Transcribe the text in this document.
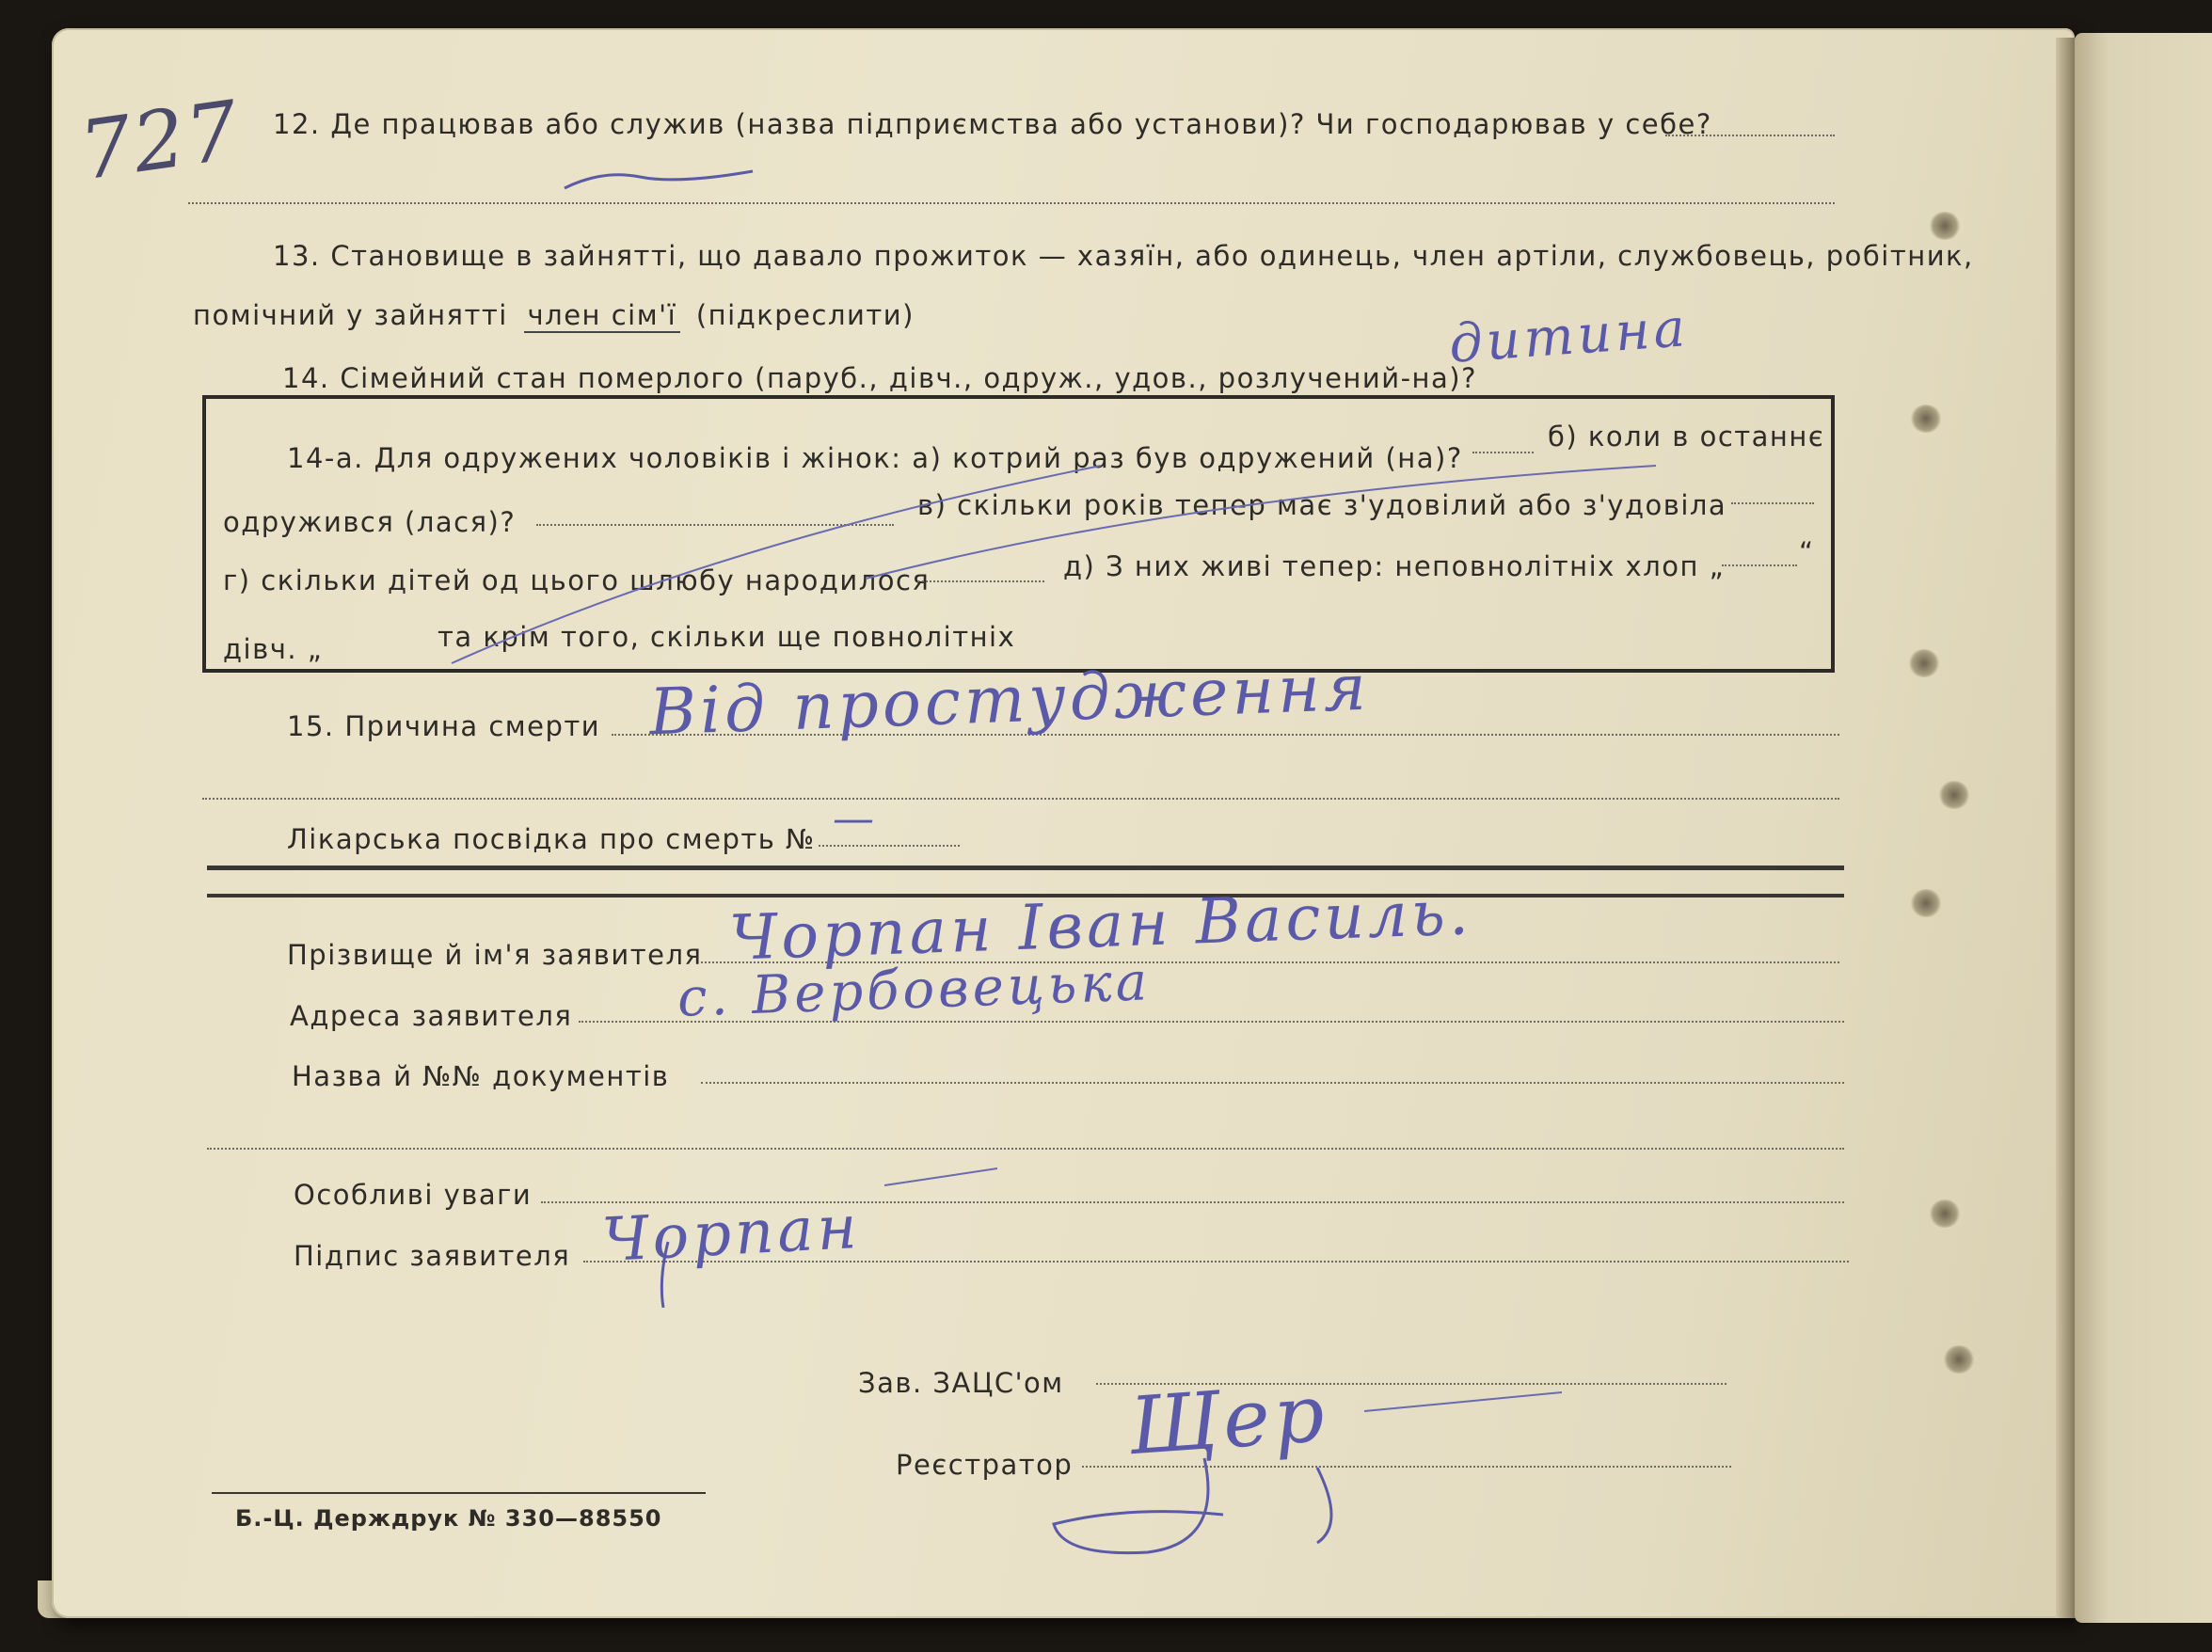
727 12. Де працював або служив (назва підприємства або установи)? Чи господарював у себе?
13. Становище в зайнятті, що давало прожиток — хазяїн, або одинець, член артіли, службовець, робітник,
помічний у зайнятті член сім'ї (підкреслити)
14. Сімейний стан померлого (паруб., дівч., одруж., удов., розлучений-на)?
дитина
14-а. Для одружених чоловіків і жінок: а) котрий раз був одружений (на)?
б) коли в останнє
одружився (лася)?
в) скільки років тепер має з'удовілий або з'удовіла
г) скільки дітей од цього шлюбу народилося	д) З них живі тепер: неповнолітніх хлоп „	“
дівч. „	та крім того, скільки ще повнолітніх
15. Причина смерти Від простудження
Лікарська посвідка про смерть № —
Прізвище й ім'я заявителя Чорпан Іван Василь.
Адреса заявителя с. Вербовецька
Назва й №№ документів
Особливі уваги
Підпис заявителя Чорпан
Зав. ЗАЦС'ом
Реєстратор Щер
Б.-Ц. Держдрук № 330—88550
